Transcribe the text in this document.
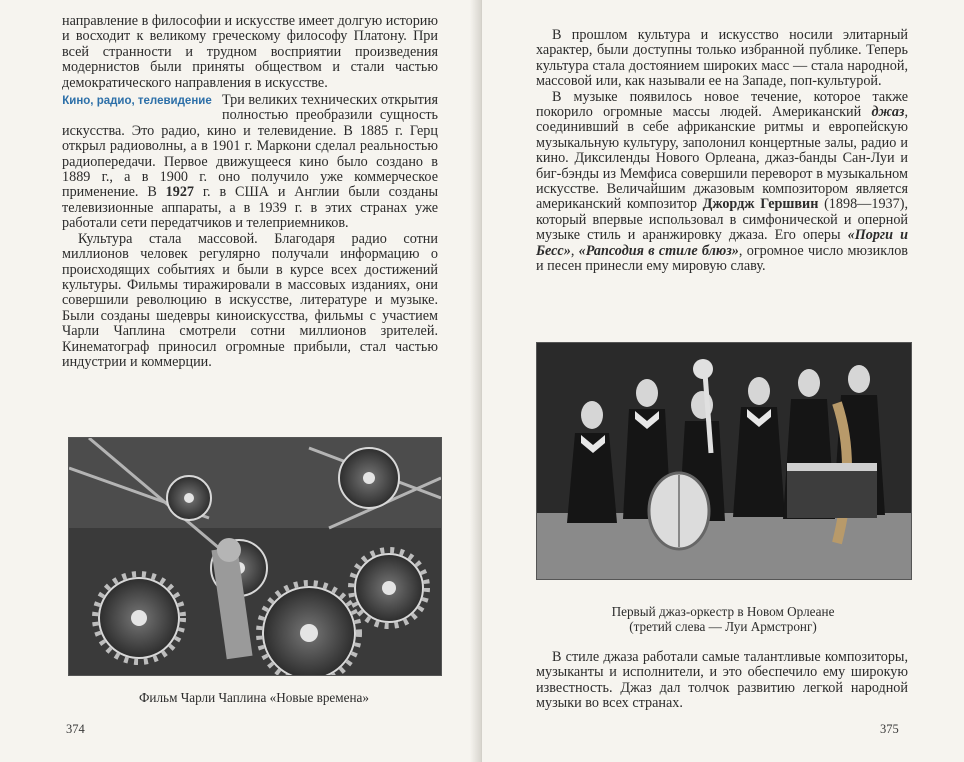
направление в философии и искусстве имеет долгую историю и восходит к великому греческому философу Платону. При всей странности и трудном восприятии произведения модернистов были приняты обществом и стали частью демократического направления в искусстве.

Кино, радио, телевидение Три великих технических открытия полностью преобразили сущность искусства. Это радио, кино и телевидение. В 1885 г. Герц открыл радиоволны, а в 1901 г. Маркони сделал реальностью радиопередачи. Первое движущееся кино было создано в 1889 г., а в 1900 г. оно получило уже коммерческое применение. В 1927 г. в США и Англии были созданы телевизионные аппараты, а в 1939 г. в этих странах уже работали сети передатчиков и телеприемников.

Культура стала массовой. Благодаря радио сотни миллионов человек регулярно получали информацию о происходящих событиях и были в курсе всех достижений культуры. Фильмы тиражировали в массовых изданиях, они совершили революцию в искусстве, литературе и музыке. Были созданы шедевры киноискусства, фильмы с участием Чарли Чаплина смотрели сотни миллионов зрителей. Кинематограф приносил огромные прибыли, стал частью индустрии и коммерции.

Фильм Чарли Чаплина «Новые времена»
374

В прошлом культура и искусство носили элитарный характер, были доступны только избранной публике. Теперь культура стала достоянием широких масс — стала народной, массовой или, как называли ее на Западе, поп-культурой.

В музыке появилось новое течение, которое также покорило огромные массы людей. Американский джаз, соединивший в себе африканские ритмы и европейскую музыкальную культуру, заполонил концертные залы, радио и кино. Диксиленды Нового Орлеана, джаз-банды Сан-Луи и биг-бэнды из Мемфиса совершили переворот в музыкальном искусстве. Величайшим джазовым композитором является американский композитор Джордж Гершвин (1898—1937), который впервые использовал в симфонической и оперной музыке стиль и аранжировку джаза. Его оперы «Порги и Бесс», «Рапсодия в стиле блюз», огромное число мюзиклов и песен принесли ему мировую славу.

Первый джаз-оркестр в Новом Орлеане
(третий слева — Луи Армстронг)

В стиле джаза работали самые талантливые композиторы, музыканты и исполнители, и это обеспечило ему широкую известность. Джаз дал толчок развитию легкой народной музыки во всех странах.

375
